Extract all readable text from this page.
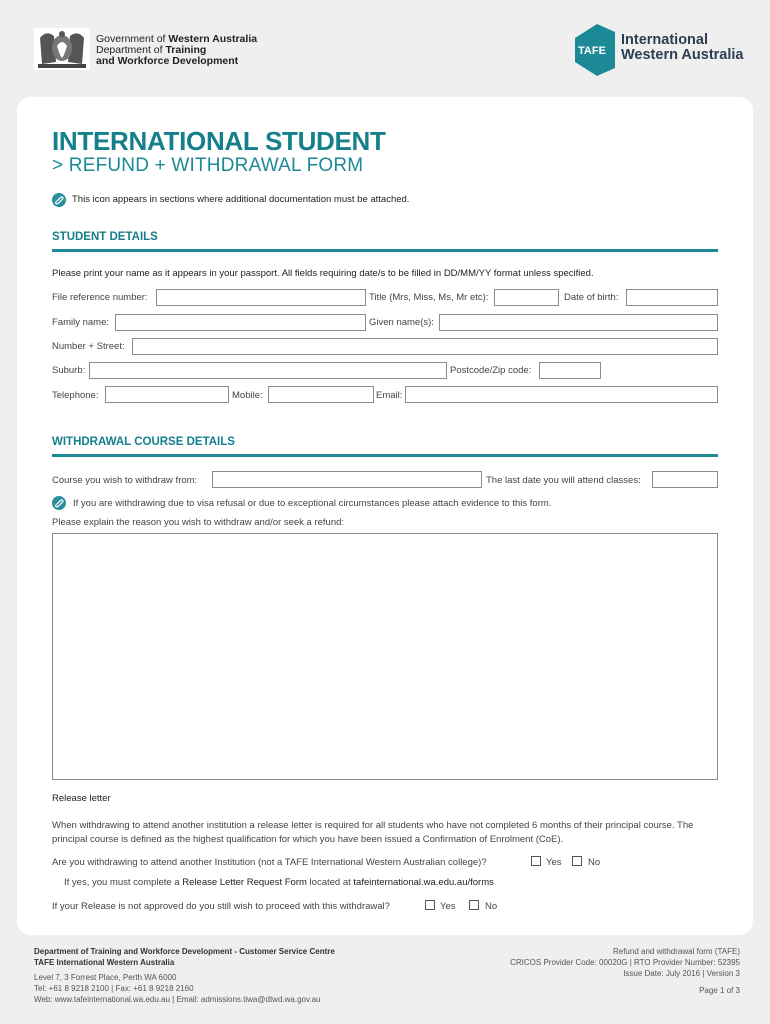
Government of Western Australia
Department of Training
and Workforce Development
TAFE
International
Western Australia
INTERNATIONAL STUDENT
> REFUND + WITHDRAWAL FORM
This icon appears in sections where additional documentation must be attached.
STUDENT DETAILS
Please print your name as it appears in your passport. All fields requiring date/s to be filled in DD/MM/YY format unless specified.
File reference number:	Title (Mrs, Miss, Ms, Mr etc):	Date of birth:
Family name:	Given name(s):
Number + Street:
Suburb:	Postcode/Zip code:
Telephone:	Mobile:	Email:
WITHDRAWAL COURSE DETAILS
Course you wish to withdraw from:	The last date you will attend classes:
If you are withdrawing due to visa refusal or due to exceptional circumstances please attach evidence to this form.
Please explain the reason you wish to withdraw and/or seek a refund:
Release letter
When withdrawing to attend another institution a release letter is required for all students who have not completed 6 months of their principal course. The principal course is defined as the highest qualification for which you have been issued a Confirmation of Enrolment (CoE).
Are you withdrawing to attend another Institution (not a TAFE International Western Australian college)?	Yes	No
If yes, you must complete a Release Letter Request Form located at tafeinternational.wa.edu.au/forms
If your Release is not approved do you still wish to proceed with this withdrawal?	Yes	No
Department of Training and Workforce Development - Customer Service Centre
TAFE International Western Australia
Level 7, 3 Forrest Place, Perth WA 6000
Tel: +61 8 9218 2100 | Fax: +61 8 9218 2160
Web: www.tafeinternational.wa.edu.au | Email: admissions.tiwa@dtwd.wa.gov.au
Refund and withdrawal form (TAFE)
CRICOS Provider Code: 00020G | RTO Provider Number: 52395
Issue Date: July 2016 | Version 3
Page 1 of 3
